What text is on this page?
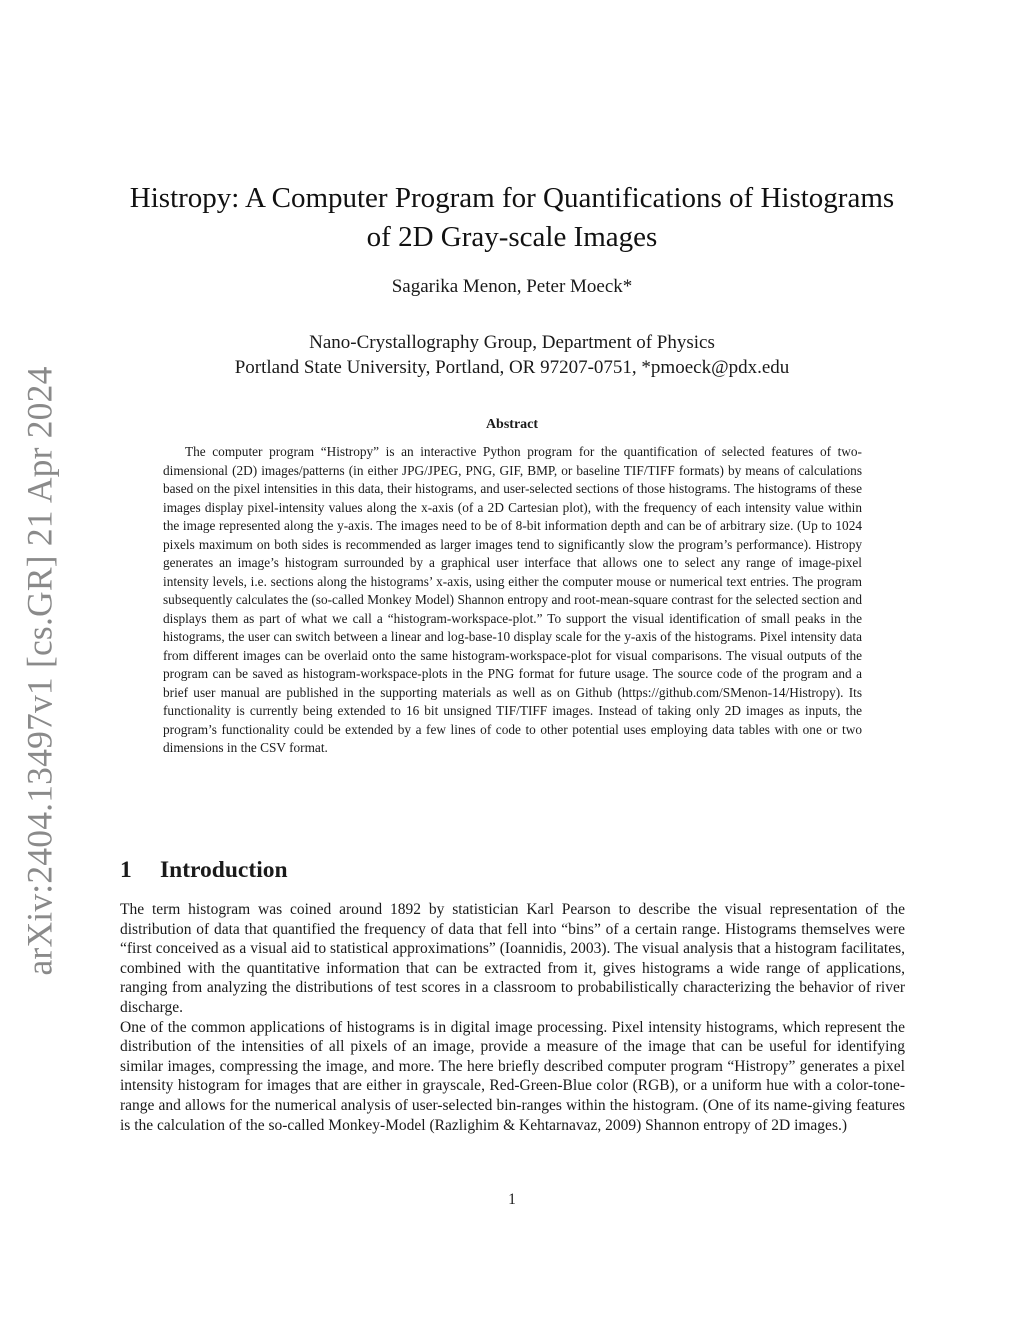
arXiv:2404.13497v1 [cs.GR] 21 Apr 2024
Histropy: A Computer Program for Quantifications of Histograms
of 2D Gray-scale Images
Sagarika Menon, Peter Moeck*
Nano-Crystallography Group, Department of Physics
Portland State University, Portland, OR 97207-0751, *pmoeck@pdx.edu
Abstract

The computer program “Histropy” is an interactive Python program for the quantification of selected features of two-dimensional (2D) images/patterns (in either JPG/JPEG, PNG, GIF, BMP, or baseline TIF/TIFF formats) by means of calculations based on the pixel intensities in this data, their histograms, and user-selected sections of those histograms. The histograms of these images display pixel-intensity values along the x-axis (of a 2D Cartesian plot), with the frequency of each intensity value within the image represented along the y-axis. The images need to be of 8-bit information depth and can be of arbitrary size. (Up to 1024 pixels maximum on both sides is recommended as larger images tend to significantly slow the program’s performance). Histropy generates an image’s histogram surrounded by a graphical user interface that allows one to select any range of image-pixel intensity levels, i.e. sections along the histograms’ x-axis, using either the computer mouse or numerical text entries. The program subsequently calculates the (so-called Monkey Model) Shannon entropy and root-mean-square contrast for the selected section and displays them as part of what we call a “histogram-workspace-plot.” To support the visual identification of small peaks in the histograms, the user can switch between a linear and log-base-10 display scale for the y-axis of the histograms. Pixel intensity data from different images can be overlaid onto the same histogram-workspace-plot for visual comparisons. The visual outputs of the program can be saved as histogram-workspace-plots in the PNG format for future usage. The source code of the program and a brief user manual are published in the supporting materials as well as on Github (https://github.com/SMenon-14/Histropy). Its functionality is currently being extended to 16 bit unsigned TIF/TIFF images. Instead of taking only 2D images as inputs, the program’s functionality could be extended by a few lines of code to other potential uses employing data tables with one or two dimensions in the CSV format.

1 Introduction

The term histogram was coined around 1892 by statistician Karl Pearson to describe the visual representation of the distribution of data that quantified the frequency of data that fell into “bins” of a certain range. Histograms themselves were “first conceived as a visual aid to statistical approximations” (Ioannidis, 2003). The visual analysis that a histogram facilitates, combined with the quantitative information that can be extracted from it, gives histograms a wide range of applications, ranging from analyzing the distributions of test scores in a classroom to probabilistically characterizing the behavior of river discharge.

One of the common applications of histograms is in digital image processing. Pixel intensity histograms, which represent the distribution of the intensities of all pixels of an image, provide a measure of the image that can be useful for identifying similar images, compressing the image, and more. The here briefly described computer program “Histropy” generates a pixel intensity histogram for images that are either in grayscale, Red-Green-Blue color (RGB), or a uniform hue with a color-tone-range and allows for the numerical analysis of user-selected bin-ranges within the histogram. (One of its name-giving features is the calculation of the so-called Monkey-Model (Razlighim & Kehtarnavaz, 2009) Shannon entropy of 2D images.)

1
